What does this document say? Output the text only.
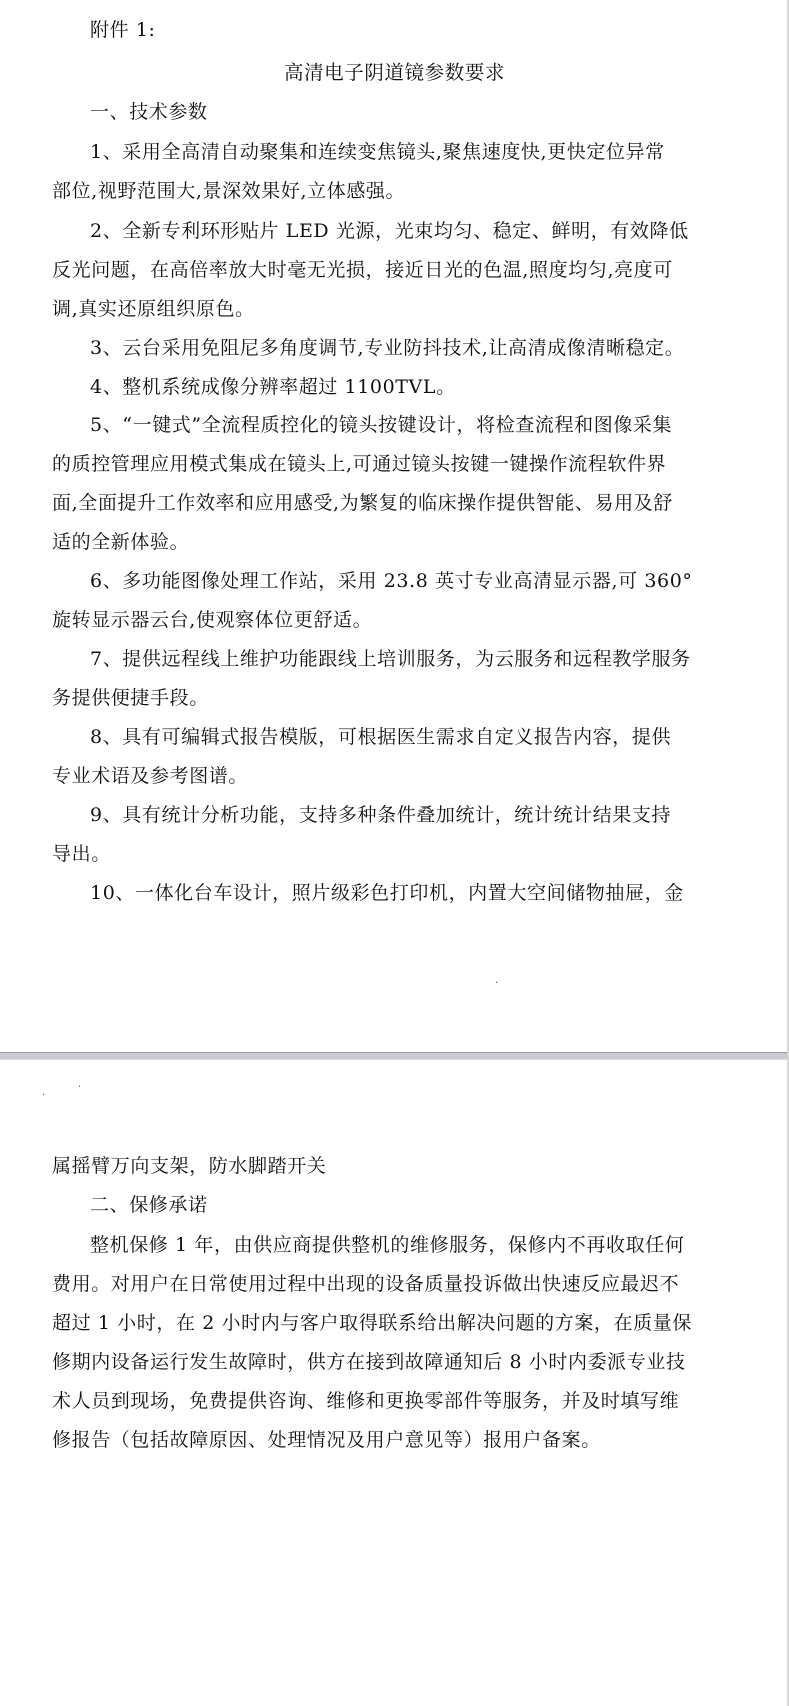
附件 1:
高清电子阴道镜参数要求
一、技术参数
1、采用全高清自动聚集和连续变焦镜头,聚焦速度快,更快定位异常
部位,视野范围大,景深效果好,立体感强。
2、全新专利环形贴片 LED 光源，光束均匀、稳定、鲜明，有效降低
反光问题，在高倍率放大时毫无光损，接近日光的色温,照度均匀,亮度可
调,真实还原组织原色。
3、云台采用免阻尼多角度调节,专业防抖技术,让高清成像清晰稳定。
4、整机系统成像分辨率超过 1100TVL。
5、“一键式”全流程质控化的镜头按键设计，将检查流程和图像采集
的质控管理应用模式集成在镜头上,可通过镜头按键一键操作流程软件界
面,全面提升工作效率和应用感受,为繁复的临床操作提供智能、易用及舒
适的全新体验。
6、多功能图像处理工作站，采用 23.8 英寸专业高清显示器,可 360°
旋转显示器云台,使观察体位更舒适。
7、提供远程线上维护功能跟线上培训服务，为云服务和远程教学服务
务提供便捷手段。
8、具有可编辑式报告模版，可根据医生需求自定义报告内容，提供
专业术语及参考图谱。
9、具有统计分析功能，支持多种条件叠加统计，统计统计结果支持
导出。
10、一体化台车设计，照片级彩色打印机，内置大空间储物抽屉，金
·
·
·
属摇臂万向支架，防水脚踏开关
二、保修承诺
整机保修 1 年，由供应商提供整机的维修服务，保修内不再收取任何
费用。对用户在日常使用过程中出现的设备质量投诉做出快速反应最迟不
超过 1 小时，在 2 小时内与客户取得联系给出解决问题的方案，在质量保
修期内设备运行发生故障时，供方在接到故障通知后 8 小时内委派专业技
术人员到现场，免费提供咨询、维修和更换零部件等服务，并及时填写维
修报告（包括故障原因、处理情况及用户意见等）报用户备案。
